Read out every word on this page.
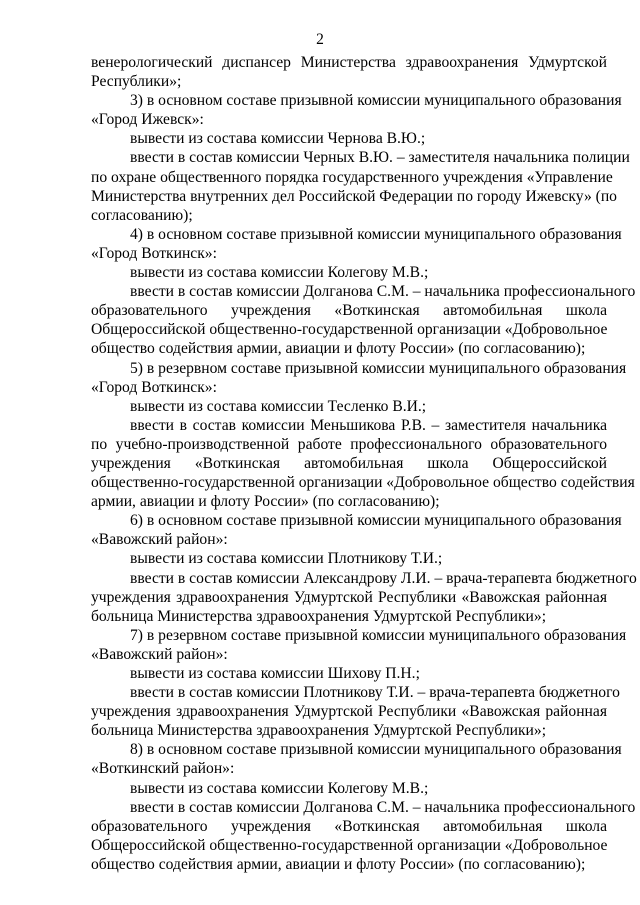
2
венерологический диспансер Министерства здравоохранения Удмуртской
Республики»;
3) в основном составе призывной комиссии муниципального образования
«Город Ижевск»:
вывести из состава комиссии Чернова В.Ю.;
ввести в состав комиссии Черных В.Ю. – заместителя начальника полиции
по охране общественного порядка государственного учреждения «Управление
Министерства внутренних дел Российской Федерации по городу Ижевску» (по
согласованию);
4) в основном составе призывной комиссии муниципального образования
«Город Воткинск»:
вывести из состава комиссии Колегову М.В.;
ввести в состав комиссии Долганова С.М. – начальника профессионального
образовательного учреждения «Воткинская автомобильная школа
Общероссийской общественно-государственной организации «Добровольное
общество содействия армии, авиации и флоту России» (по согласованию);
5) в резервном составе призывной комиссии муниципального образования
«Город Воткинск»:
вывести из состава комиссии Тесленко В.И.;
ввести в состав комиссии Меньшикова Р.В. – заместителя начальника
по учебно-производственной работе профессионального образовательного
учреждения «Воткинская автомобильная школа Общероссийской
общественно-государственной организации «Добровольное общество содействия
армии, авиации и флоту России» (по согласованию);
6) в основном составе призывной комиссии муниципального образования
«Вавожский район»:
вывести из состава комиссии Плотникову Т.И.;
ввести в состав комиссии Александрову Л.И. – врача-терапевта бюджетного
учреждения здравоохранения Удмуртской Республики «Вавожская районная
больница Министерства здравоохранения Удмуртской Республики»;
7) в резервном составе призывной комиссии муниципального образования
«Вавожский район»:
вывести из состава комиссии Шихову П.Н.;
ввести в состав комиссии Плотникову Т.И. – врача-терапевта бюджетного
учреждения здравоохранения Удмуртской Республики «Вавожская районная
больница Министерства здравоохранения Удмуртской Республики»;
8) в основном составе призывной комиссии муниципального образования
«Воткинский район»:
вывести из состава комиссии Колегову М.В.;
ввести в состав комиссии Долганова С.М. – начальника профессионального
образовательного учреждения «Воткинская автомобильная школа
Общероссийской общественно-государственной организации «Добровольное
общество содействия армии, авиации и флоту России» (по согласованию);
